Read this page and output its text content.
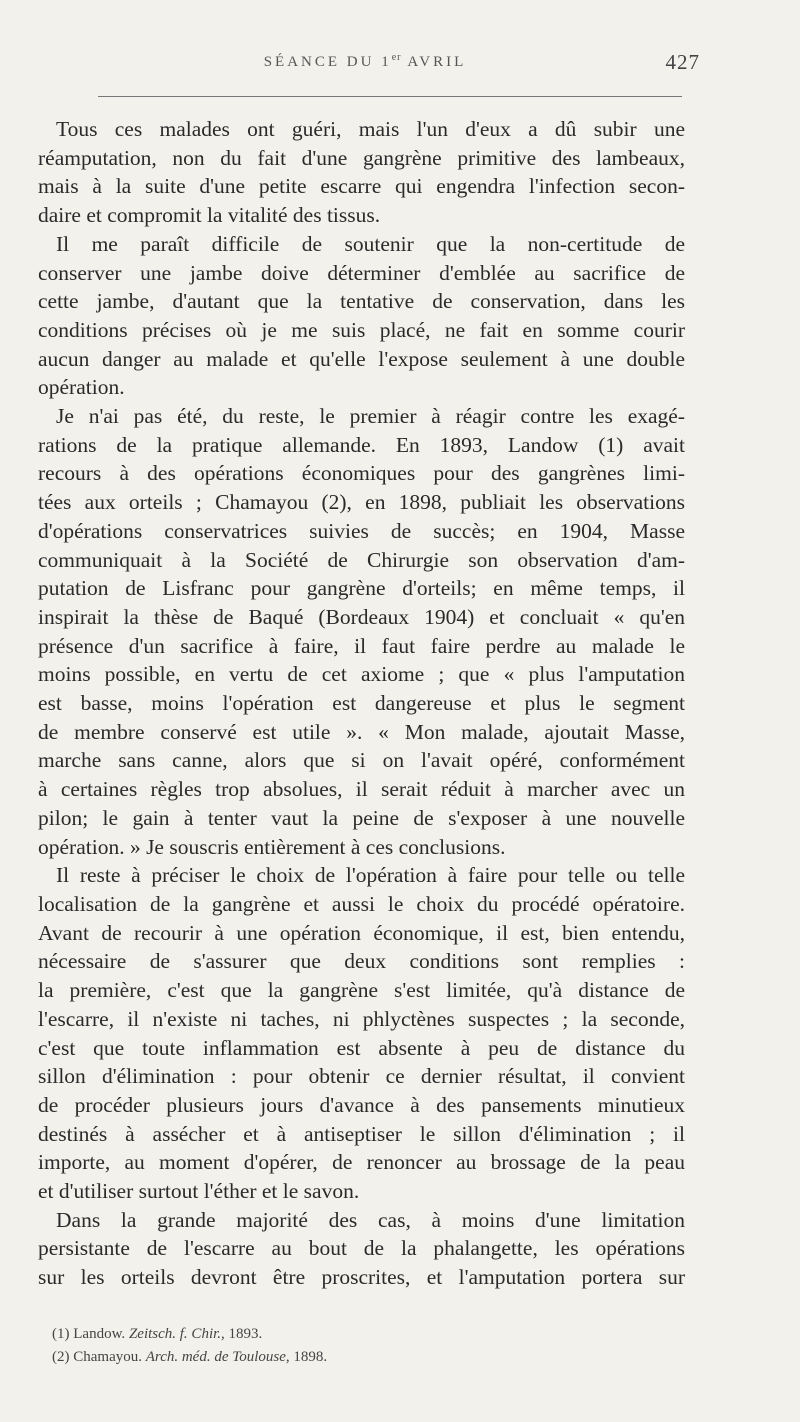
SÉANCE DU 1er AVRIL	427
Tous ces malades ont guéri, mais l'un d'eux a dû subir une
réamputation, non du fait d'une gangrène primitive des lambeaux,
mais à la suite d'une petite escarre qui engendra l'infection secon-
daire et compromit la vitalité des tissus.
Il me paraît difficile de soutenir que la non-certitude de
conserver une jambe doive déterminer d'emblée au sacrifice de
cette jambe, d'autant que la tentative de conservation, dans les
conditions précises où je me suis placé, ne fait en somme courir
aucun danger au malade et qu'elle l'expose seulement à une double
opération.
Je n'ai pas été, du reste, le premier à réagir contre les exagé-
rations de la pratique allemande. En 1893, Landow (1) avait
recours à des opérations économiques pour des gangrènes limi-
tées aux orteils ; Chamayou (2), en 1898, publiait les observations
d'opérations conservatrices suivies de succès; en 1904, Masse
communiquait à la Société de Chirurgie son observation d'am-
putation de Lisfranc pour gangrène d'orteils; en même temps, il
inspirait la thèse de Baqué (Bordeaux 1904) et concluait « qu'en
présence d'un sacrifice à faire, il faut faire perdre au malade le
moins possible, en vertu de cet axiome ; que « plus l'amputation
est basse, moins l'opération est dangereuse et plus le segment
de membre conservé est utile ». « Mon malade, ajoutait Masse,
marche sans canne, alors que si on l'avait opéré, conformément
à certaines règles trop absolues, il serait réduit à marcher avec un
pilon; le gain à tenter vaut la peine de s'exposer à une nouvelle
opération. » Je souscris entièrement à ces conclusions.
Il reste à préciser le choix de l'opération à faire pour telle ou telle
localisation de la gangrène et aussi le choix du procédé opératoire.
Avant de recourir à une opération économique, il est, bien entendu,
nécessaire de s'assurer que deux conditions sont remplies :
la première, c'est que la gangrène s'est limitée, qu'à distance de
l'escarre, il n'existe ni taches, ni phlyctènes suspectes ; la seconde,
c'est que toute inflammation est absente à peu de distance du
sillon d'élimination : pour obtenir ce dernier résultat, il convient
de procéder plusieurs jours d'avance à des pansements minutieux
destinés à assécher et à antiseptiser le sillon d'élimination ; il
importe, au moment d'opérer, de renoncer au brossage de la peau
et d'utiliser surtout l'éther et le savon.
Dans la grande majorité des cas, à moins d'une limitation
persistante de l'escarre au bout de la phalangette, les opérations
sur les orteils devront être proscrites, et l'amputation portera sur
(1) Landow. Zeitsch. f. Chir., 1893.
(2) Chamayou. Arch. méd. de Toulouse, 1898.
